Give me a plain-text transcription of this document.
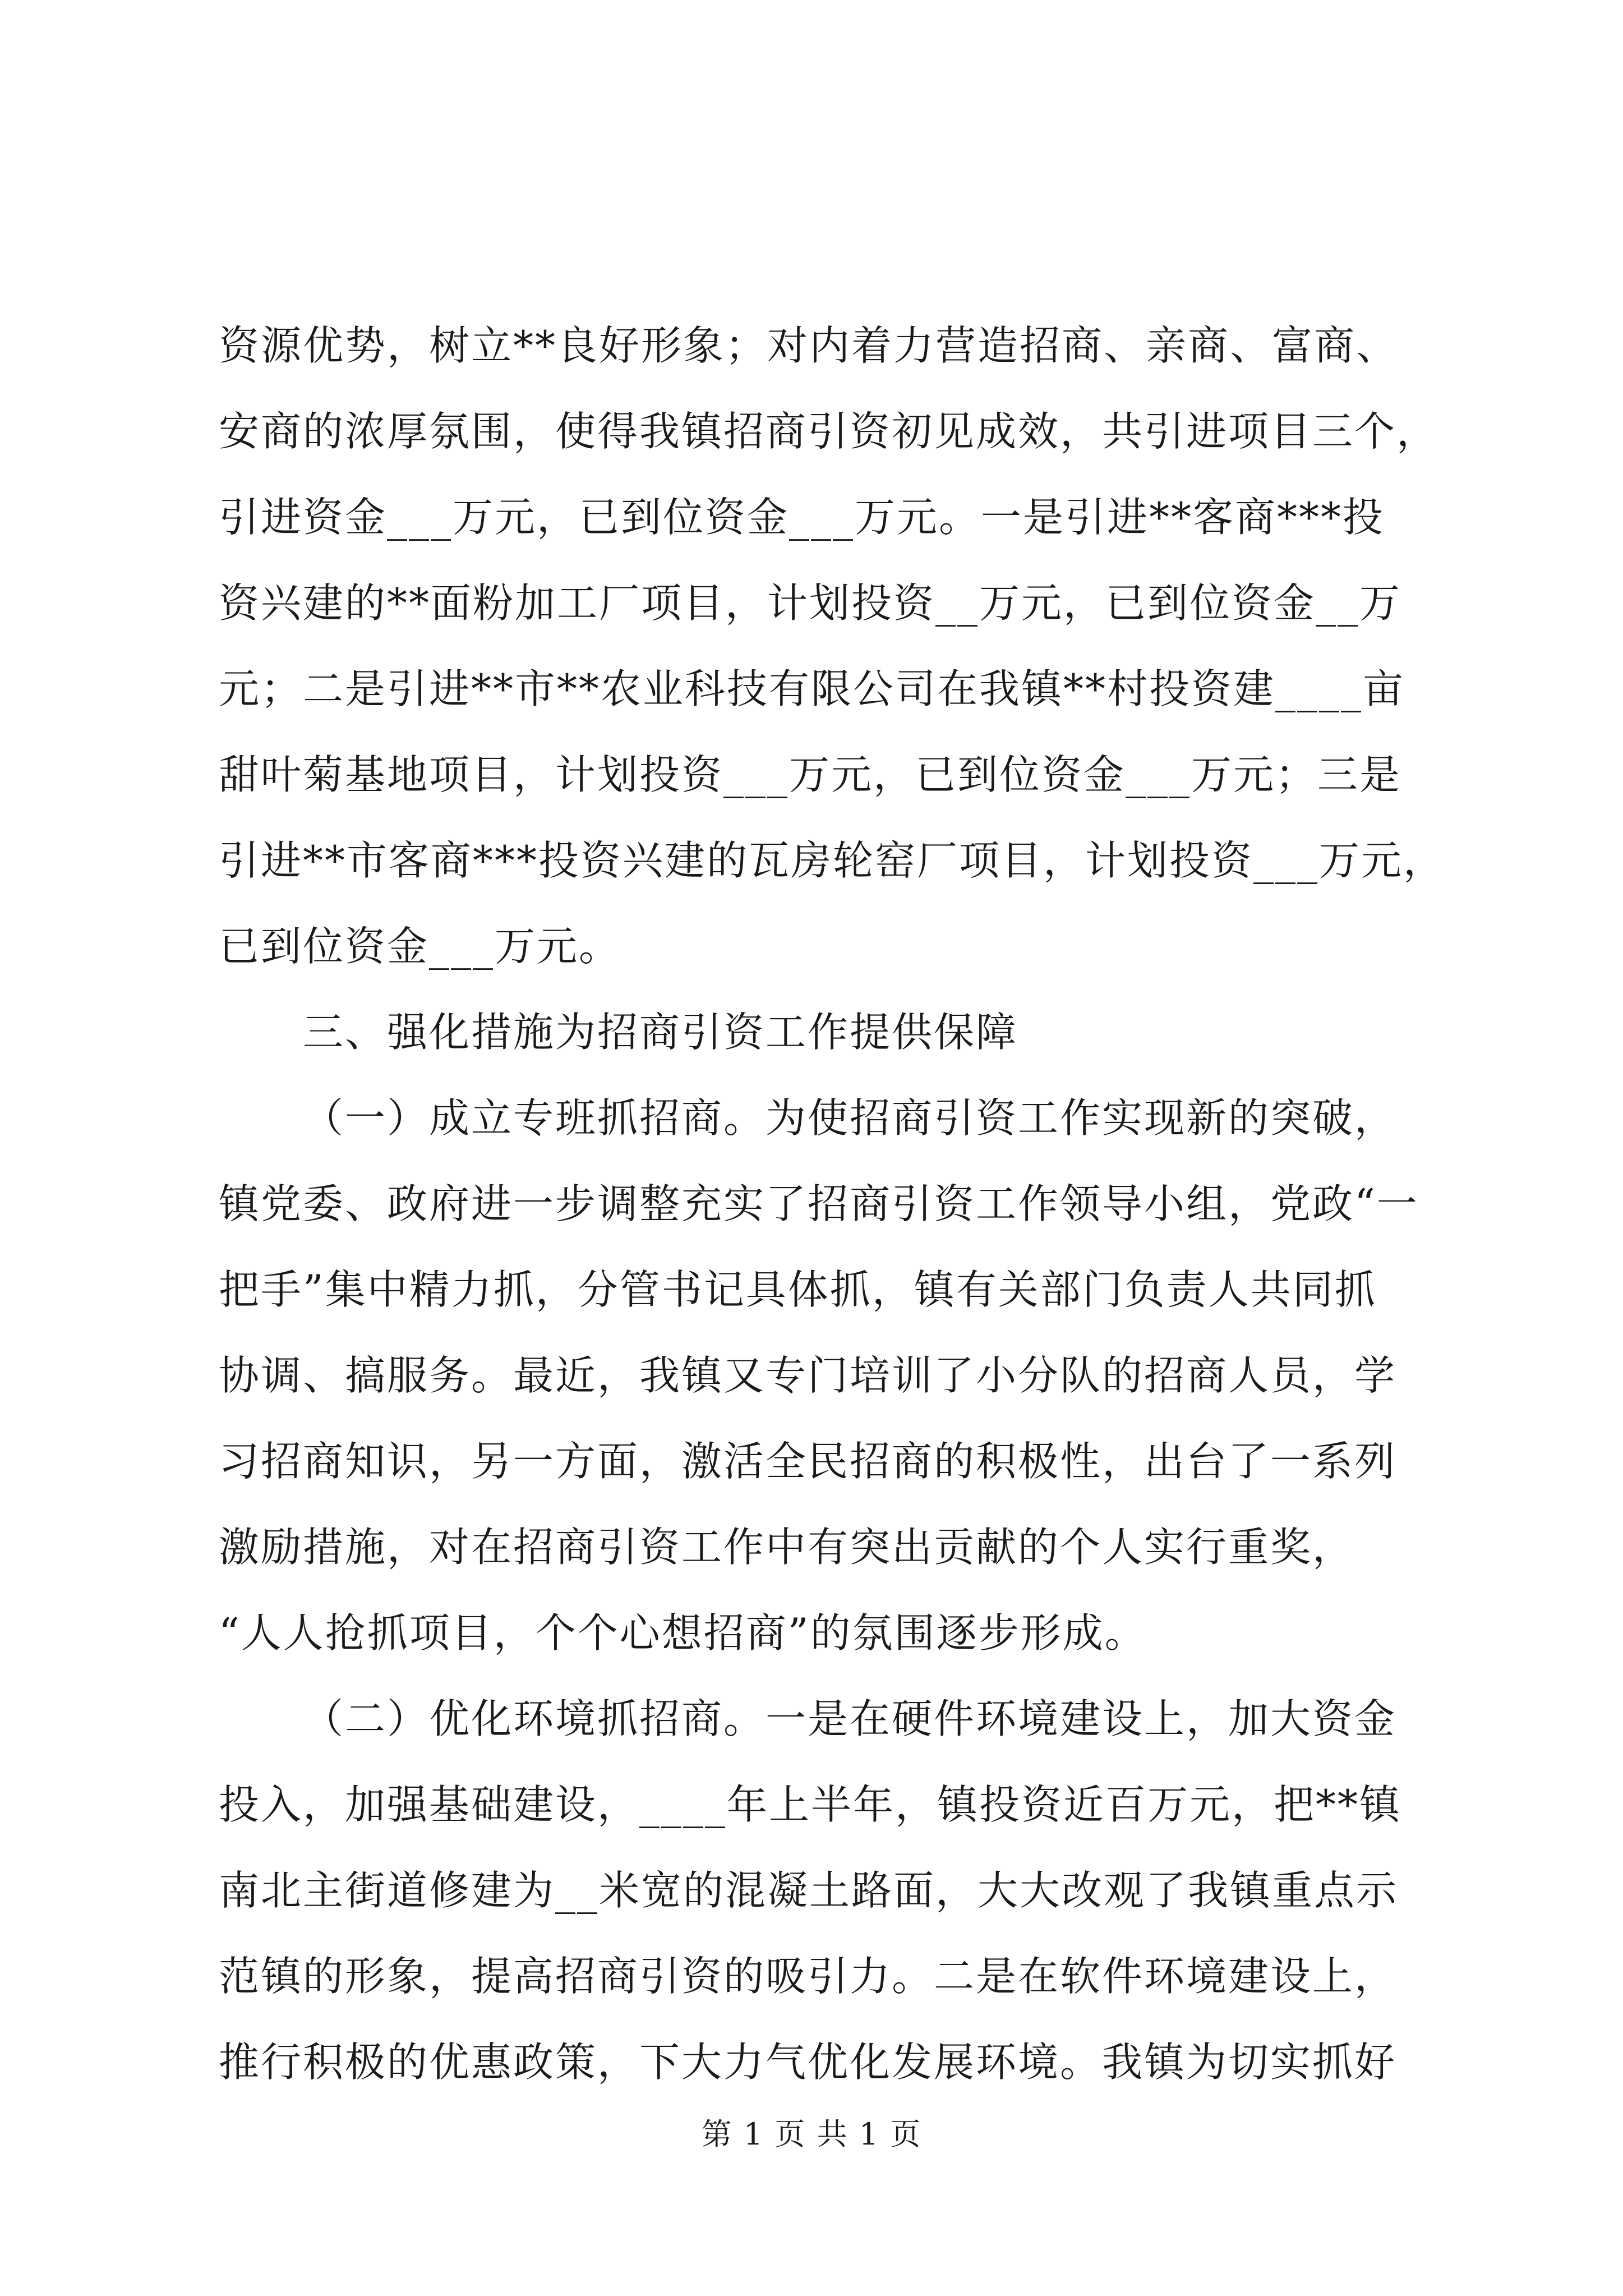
资源优势，树立**良好形象；对内着力营造招商、亲商、富商、
安商的浓厚氛围，使得我镇招商引资初见成效，共引进项目三个，
引进资金___万元，已到位资金___万元。一是引进**客商***投
资兴建的**面粉加工厂项目，计划投资__万元，已到位资金__万
元；二是引进**市**农业科技有限公司在我镇**村投资建____亩
甜叶菊基地项目，计划投资___万元，已到位资金___万元；三是
引进**市客商***投资兴建的瓦房轮窑厂项目，计划投资___万元，
已到位资金___万元。
三、强化措施为招商引资工作提供保障
（一）成立专班抓招商。为使招商引资工作实现新的突破，
镇党委、政府进一步调整充实了招商引资工作领导小组，党政“一
把手”集中精力抓，分管书记具体抓，镇有关部门负责人共同抓
协调、搞服务。最近，我镇又专门培训了小分队的招商人员，学
习招商知识，另一方面，激活全民招商的积极性，出台了一系列
激励措施，对在招商引资工作中有突出贡献的个人实行重奖，
“人人抢抓项目，个个心想招商”的氛围逐步形成。
（二）优化环境抓招商。一是在硬件环境建设上，加大资金
投入，加强基础建设，____年上半年，镇投资近百万元，把**镇
南北主街道修建为__米宽的混凝土路面，大大改观了我镇重点示
范镇的形象，提高招商引资的吸引力。二是在软件环境建设上，
推行积极的优惠政策，下大力气优化发展环境。我镇为切实抓好
第 1 页 共 1 页
